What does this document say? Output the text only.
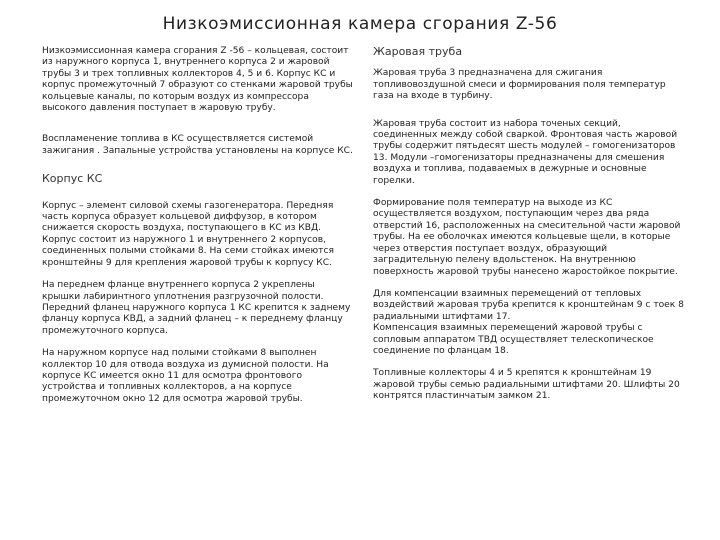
Низкоэмиссионная камера сгорания Z-56

Низкоэмиссионная камера сгорания Z -56 – кольцевая, состоит из наружного корпуса 1, внутреннего корпуса 2 и жаровой трубы 3 и трех топливных коллекторов 4, 5 и 6. Корпус КС и корпус промежуточный 7 образуют со стенками жаровой трубы кольцевые каналы, по которым воздух из компрессора высокого давления поступает в жаровую трубу.

Воспламенение топлива в КС осуществляется системой зажигания . Запальные устройства установлены на корпусе КС.

Корпус КС

Корпус – элемент силовой схемы газогенератора. Передняя часть корпуса образует кольцевой диффузор, в котором снижается скорость воздуха, поступающего в КС из КВД.

Корпус состоит из наружного 1 и внутреннего 2 корпусов, соединенных полыми стойками 8. На семи стойках имеются кронштейны 9 для крепления жаровой трубы к корпусу КС.

На переднем фланце внутреннего корпуса 2 укреплены крышки лабиринтного уплотнения разгрузочной полости. Передний фланец наружного корпуса 1 КС крепится к заднему фланцу корпуса КВД, а задний фланец – к переднему фланцу промежуточного корпуса.

На наружном корпусе над полыми стойками 8 выполнен коллектор 10 для отвода воздуха из думисной полости. На корпусе КС имеется окно 11 для осмотра фронтового устройства и топливных коллекторов, а на корпусе промежуточном окно 12 для осмотра жаровой трубы.

Жаровая труба

Жаровая труба 3 предназначена для сжигания топливовоздушной смеси и формирования поля температур газа на входе в турбину.

Жаровая труба состоит из набора точеных секций, соединенных между собой сваркой. Фронтовая часть жаровой трубы содержит пятьдесят шесть модулей – гомогенизаторов 13. Модули –гомогенизаторы предназначены для смешения воздуха и топлива, подаваемых в дежурные и основные горелки.

Формирование поля температур на выходе из КС осуществляется воздухом, поступающим через два ряда отверстий 16, расположенных на смесительной части жаровой трубы. На ее оболочках имеются кольцевые щели, в которые через отверстия поступает воздух, образующий заградительную пелену вдольстенок. На внутреннюю поверхность жаровой трубы нанесено жаростойкое покрытие.

Для компенсации взаимных перемещений от тепловых воздействий жаровая труба крепится к кронштейнам 9 с тоек 8 радиальными штифтами 17.

Компенсация взаимных перемещений жаровой трубы с сопловым аппаратом ТВД осуществляет телескопическое соединение по фланцам 18.

Топливные коллекторы 4 и 5 крепятся к кронштейнам 19 жаровой трубы семью радиальными штифтами 20. Шлифты 20 контрятся пластинчатым замком 21.
